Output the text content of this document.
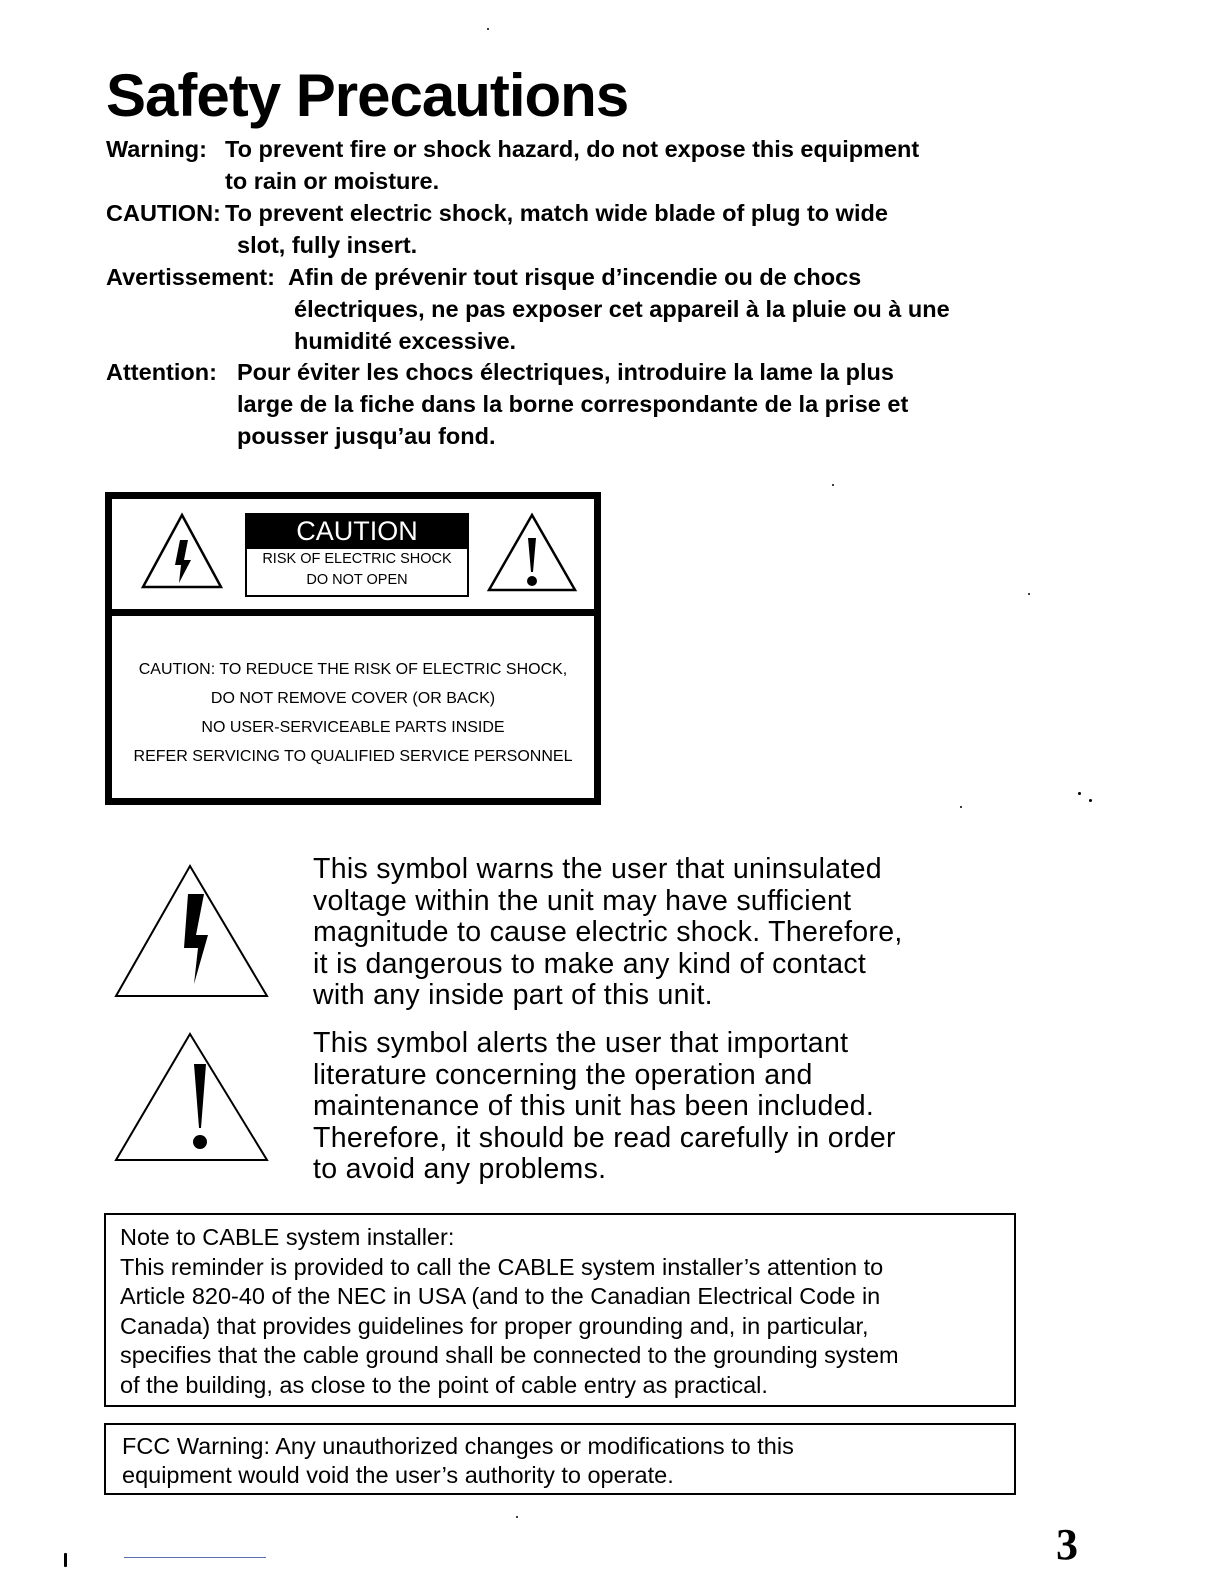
Safety Precautions
Warning: To prevent fire or shock hazard, do not expose this equipment
to rain or moisture.
CAUTION: To prevent electric shock, match wide blade of plug to wide
slot, fully insert.
Avertissement: Afin de prévenir tout risque d’incendie ou de chocs
électriques, ne pas exposer cet appareil à la pluie ou à une
humidité excessive.
Attention: Pour éviter les chocs électriques, introduire la lame la plus
large de la fiche dans la borne correspondante de la prise et
pousser jusqu’au fond.
CAUTION
RISK OF ELECTRIC SHOCK
DO NOT OPEN
CAUTION: TO REDUCE THE RISK OF ELECTRIC SHOCK,
DO NOT REMOVE COVER (OR BACK)
NO USER-SERVICEABLE PARTS INSIDE
REFER SERVICING TO QUALIFIED SERVICE PERSONNEL
This symbol warns the user that uninsulated
voltage within the unit may have sufficient
magnitude to cause electric shock. Therefore,
it is dangerous to make any kind of contact
with any inside part of this unit.
This symbol alerts the user that important
literature concerning the operation and
maintenance of this unit has been included.
Therefore, it should be read carefully in order
to avoid any problems.
Note to CABLE system installer:
This reminder is provided to call the CABLE system installer’s attention to
Article 820-40 of the NEC in USA (and to the Canadian Electrical Code in
Canada) that provides guidelines for proper grounding and, in particular,
specifies that the cable ground shall be connected to the grounding system
of the building, as close to the point of cable entry as practical.
FCC Warning: Any unauthorized changes or modifications to this
equipment would void the user’s authority to operate.
3
